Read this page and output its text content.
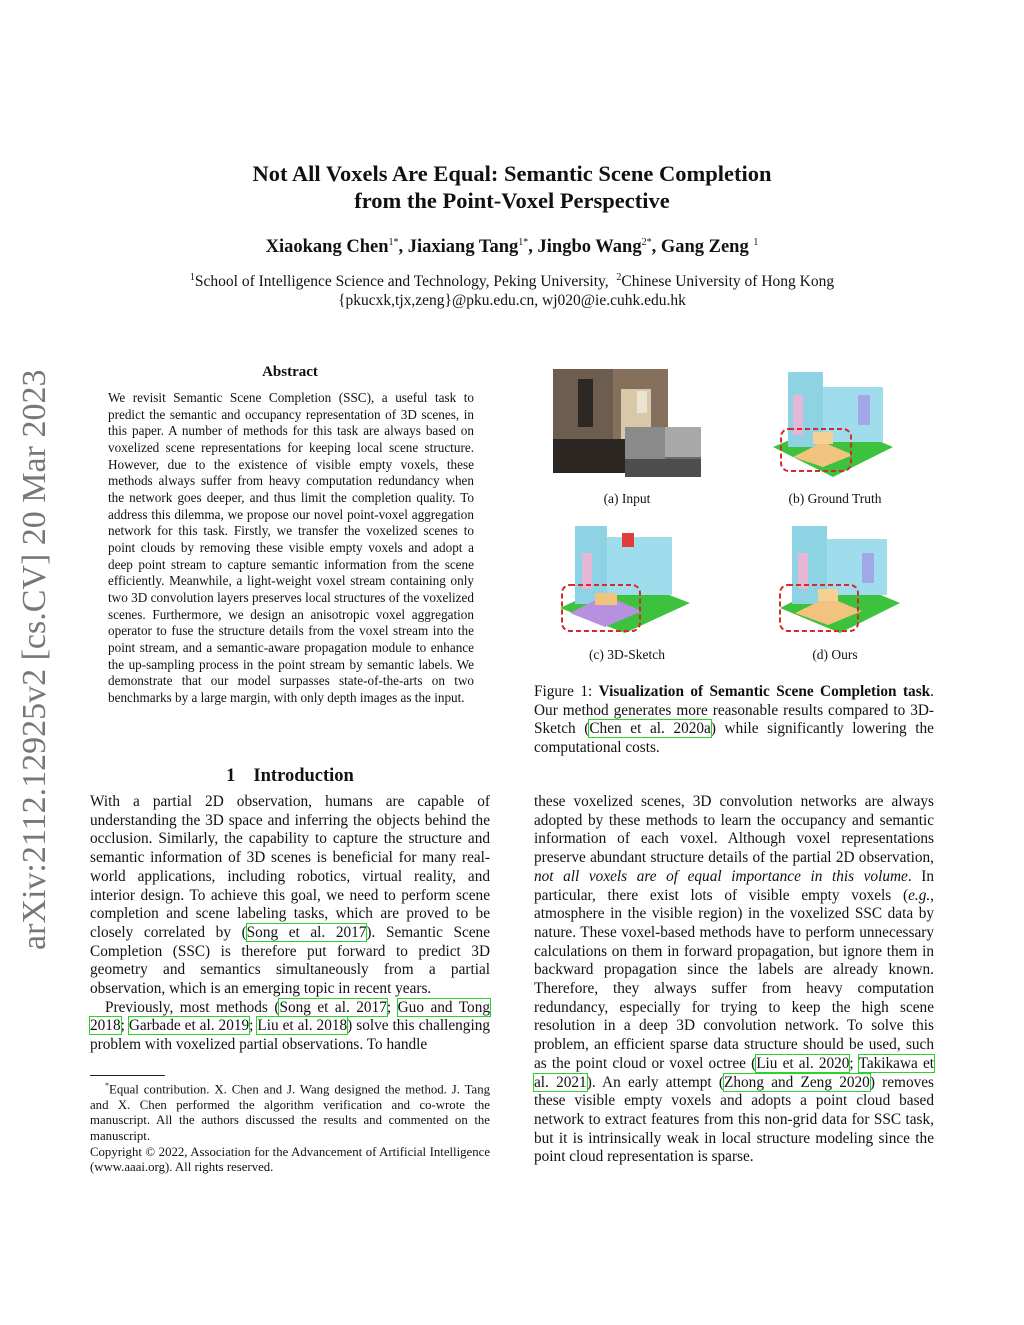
Not All Voxels Are Equal: Semantic Scene Completion
from the Point-Voxel Perspective
Xiaokang Chen$^{1*}$, Jiaxiang Tang$^{1*}$, Jingbo Wang$^{2*}$, Gang Zeng $^1$
$^1$School of Intelligence Science and Technology, Peking University, $^2$Chinese University of Hong Kong
{pkucxk,tjx,zeng}@pku.edu.cn, wj020@ie.cuhk.edu.hk
arXiv:2112.12925v2 [cs.CV] 20 Mar 2023	Abstract
We revisit Semantic Scene Completion (SSC), a useful task to predict the semantic and occupancy representation of 3D scenes, in this paper. A number of methods for this task are always based on voxelized scene representations for keeping local scene structure. However, due to the existence of visible empty voxels, these methods always suffer from heavy computation redundancy when the network goes deeper, and thus limit the completion quality. To address this dilemma, we propose our novel point-voxel aggregation network for this task. Firstly, we transfer the voxelized scenes to point clouds by removing these visible empty voxels and adopt a deep point stream to capture semantic information from the scene efficiently. Meanwhile, a light-weight voxel stream containing only two 3D convolution layers preserves local structures of the voxelized scenes. Furthermore, we design an anisotropic voxel aggregation operator to fuse the structure details from the voxel stream into the point stream, and a semantic-aware propagation module to enhance the up-sampling process in the point stream by semantic labels. We demonstrate that our model surpasses state-of-the-arts on two benchmarks by a large margin, with only depth images as the input.
(a) Input	(b) Ground Truth
(c) 3D-Sketch	(d) Ours

Figure 1: Visualization of Semantic Scene Completion task. Our method generates more reasonable results compared to 3D-Sketch (Chen et al. 2020a) while significantly lowering the computational costs.

1 Introduction

With a partial 2D observation, humans are capable of understanding the 3D space and inferring the objects behind the occlusion. Similarly, the capability to capture the structure and semantic information of 3D scenes is beneficial for many real-world applications, including robotics, virtual reality, and interior design. To achieve this goal, we need to perform scene completion and scene labeling tasks, which are proved to be closely correlated by (Song et al. 2017). Semantic Scene Completion (SSC) is therefore put forward to predict 3D geometry and semantics simultaneously from a partial observation, which is an emerging topic in recent years.

Previously, most methods (Song et al. 2017; Guo and Tong 2018; Garbade et al. 2019; Liu et al. 2018) solve this challenging problem with voxelized partial observations. To handle

*Equal contribution. X. Chen and J. Wang designed the method. J. Tang and X. Chen performed the algorithm verification and co-wrote the manuscript. All the authors discussed the results and commented on the manuscript.

Copyright © 2022, Association for the Advancement of Artificial Intelligence (www.aaai.org). All rights reserved.

these voxelized scenes, 3D convolution networks are always adopted by these methods to learn the occupancy and semantic information of each voxel. Although voxel representations preserve abundant structure details of the partial 2D observation, not all voxels are of equal importance in this volume. In particular, there exist lots of visible empty voxels (e.g., atmosphere in the visible region) in the voxelized SSC data by nature. These voxel-based methods have to perform unnecessary calculations on them in forward propagation, but ignore them in backward propagation since the labels are already known. Therefore, they always suffer from heavy computation redundancy, especially for trying to keep the high scene resolution in a deep 3D convolution network. To solve this problem, an efficient sparse data structure should be used, such as the point cloud or voxel octree (Liu et al. 2020; Takikawa et al. 2021). An early attempt (Zhong and Zeng 2020) removes these visible empty voxels and adopts a point cloud based network to extract features from this non-grid data for SSC task, but it is intrinsically weak in local structure modeling since the point cloud representation is sparse.
